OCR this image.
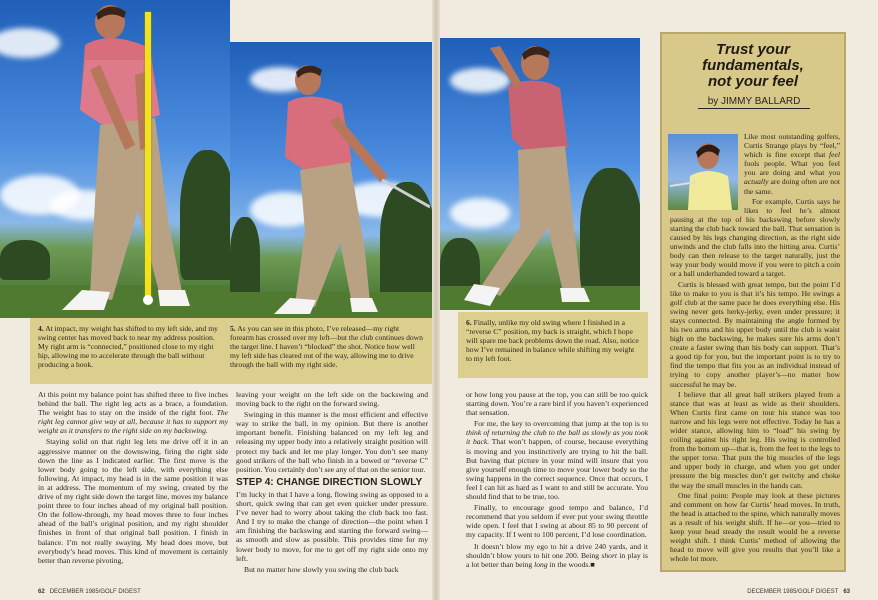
4. At impact, my weight has shifted to my left side, and my swing center has moved back to near my address position. My right arm is “connected,” positioned close to my right hip, allowing me to accelerate through the ball without producing a hook.
5. As you can see in this photo, I’ve released—my right forearm has crossed over my left—but the club continues down the target line. I haven’t “blocked” the shot. Notice how well my left side has cleared out of the way, allowing me to drive through the ball with my right side.
6. Finally, unlike my old swing where I finished in a “reverse C” position, my back is straight, which I hope will spare me back problems down the road. Also, notice how I’ve remained in balance while shifting my weight to my left foot.

At this point my balance point has shifted three to five inches behind the ball. The right leg acts as a brace, a foundation. The weight has to stay on the inside of the right foot. The right leg cannot give way at all, because it has to support my weight as it transfers to the right side on my backswing.

Staying solid on that right leg lets me drive off it in an aggressive manner on the downswing, firing the right side down the line as I indicated earlier. The first move is the lower body going to the left side, with everything else following. At impact, my head is in the same position it was in at address. The momentum of my swing, created by the drive of my right side down the target line, moves my balance point three to four inches ahead of my original ball position. On the follow-through, my head moves three to four inches ahead of the ball’s original position, and my right shoulder finishes in front of that original ball position. I finish in balance. I’m not really swaying. My head does move, but everybody’s head moves. This kind of movement is certainly better than reverse pivoting,

leaving your weight on the left side on the backswing and moving back to the right on the forward swing.

Swinging in this manner is the most efficient and effective way to strike the ball, in my opinion. But there is another important benefit. Finishing balanced on my left leg and releasing my upper body into a relatively straight position will protect my back and let me play longer. You don’t see many good strikers of the ball who finish in a bowed or “reverse C” position. You certainly don’t see any of that on the senior tour.

STEP 4: CHANGE DIRECTION SLOWLY

I’m lucky in that I have a long, flowing swing as opposed to a short, quick swing that can get even quicker under pressure. I’ve never had to worry about taking the club back too fast. And I try to make the change of direction—the point when I am finishing the backswing and starting the forward swing—as smooth and slow as possible. This provides time for my lower body to move, for me to get off my right side onto my left.

But no matter how slowly you swing the club back

or how long you pause at the top, you can still be too quick starting down. You’re a rare bird if you haven’t experienced that sensation.

For me, the key to overcoming that jump at the top is to think of returning the club to the ball as slowly as you took it back. That won’t happen, of course, because everything is moving and you instinctively are trying to hit the ball. But having that picture in your mind will insure that you give yourself enough time to move your lower body so the swing happens in the correct sequence. Once that occurs, I feel I can hit as hard as I want to and still be accurate. You should find that to be true, too.

Finally, to encourage good tempo and balance, I’d recommend that you seldom if ever put your swing throttle wide open. I feel that I swing at about 85 to 90 percent of my capacity. If I went to 100 percent, I’d lose coordination.

It doesn’t blow my ego to hit a drive 240 yards, and it shouldn’t blow yours to hit one 200. Being short in play is a lot better than being long in the woods.■

Trust your
fundamentals,
not your feel
by JIMMY BALLARD

Like most outstanding golfers, Curtis Strange plays by “feel,” which is fine except that feel fools people. What you feel you are doing and what you actually are doing often are not the same.

For example, Curtis says he likes to feel he’s almost pausing at the top of his backswing before slowly starting the club back toward the ball. That sensation is caused by his legs changing direction, as the right side unwinds and the club falls into the hitting area. Curtis’ body can then release to the target naturally, just the way your body would move if you were to pitch a coin or a ball underhanded toward a target.

Curtis is blessed with great tempo, but the point I’d like to make to you is that it’s his tempo. He swings a golf club at the same pace he does everything else. His swing never gets herky-jerky, even under pressure; it stays connected. By maintaining the angle formed by his two arms and his upper body until the club is waist high on the backswing, he makes sure his arms don’t create a faster swing than his body can support. That’s a good tip for you, but the important point is to try to find the tempo that fits you as an individual instead of trying to copy another player’s—no matter how successful he may be.

I believe that all great ball strikers played from a stance that was at least as wide as their shoulders. When Curtis first came on tour his stance was too narrow and his legs were not effective. Today he has a wider stance, allowing him to “load” his swing by coiling against his right leg. His swing is controlled from the bottom up—that is, from the feet to the legs to the upper torso. That puts the big muscles of the legs and upper body in charge, and when you get under pressure the big muscles don’t get twitchy and choke the way the small muscles in the hands can.

One final point: People may look at these pictures and comment on how far Curtis’ head moves. In truth, the head is attached to the spine, which naturally moves as a result of his weight shift. If he—or you—tried to keep your head steady the result would be a reverse weight shift. I think Curtis’ method of allowing the head to move will give you results that you’ll like a whole lot more.

62 DECEMBER 1985/GOLF DIGEST	DECEMBER 1985/GOLF DIGEST 63
